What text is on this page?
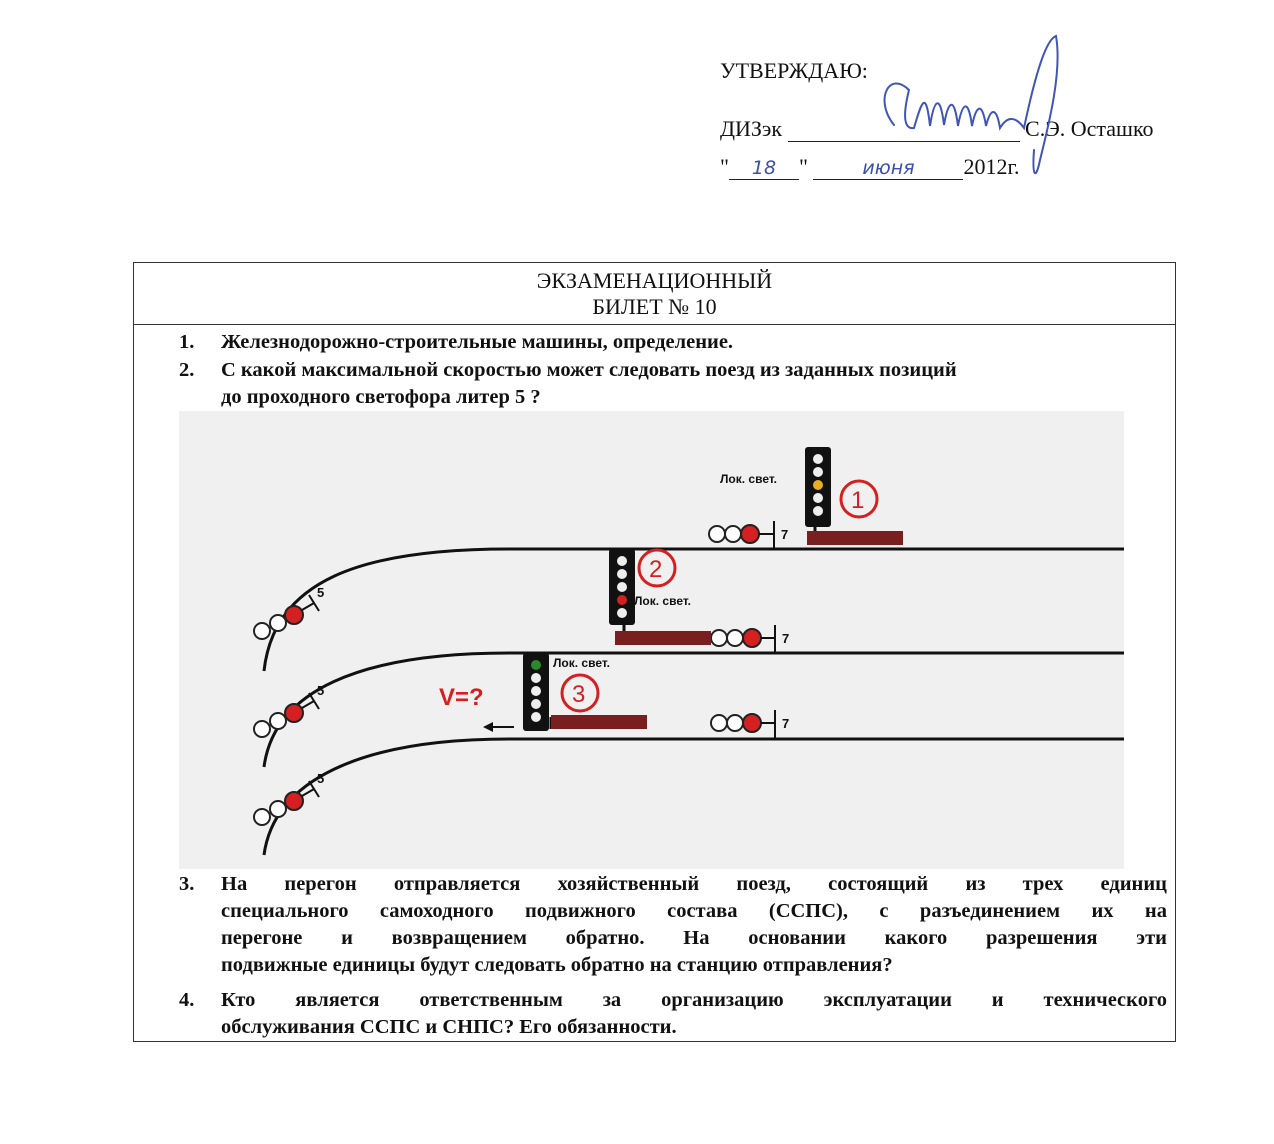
УТВЕРЖДАЮ:
ДИЗэк	С.Э. Осташко
" 18 "	июня 2012г.
ЭКЗАМЕНАЦИОННЫЙ
БИЛЕТ № 10
1. Железнодорожно-строительные машины, определение.
2. С какой максимальной скоростью может следовать поезд из заданных позиций
до проходного светофора литер 5 ?
5
5
5
7
7
7
Лок. свет.
1
Лок. свет.
2
Лок. свет.
3
V=?
3. На перегон отправляется хозяйственный поезд, состоящий из трех единиц
специального самоходного подвижного состава (ССПС), с разъединением их на
перегоне и возвращением обратно. На основании какого разрешения эти
подвижные единицы будут следовать обратно на станцию отправления?
4. Кто является ответственным за организацию эксплуатации и технического
обслуживания ССПС и СНПС? Его обязанности.
